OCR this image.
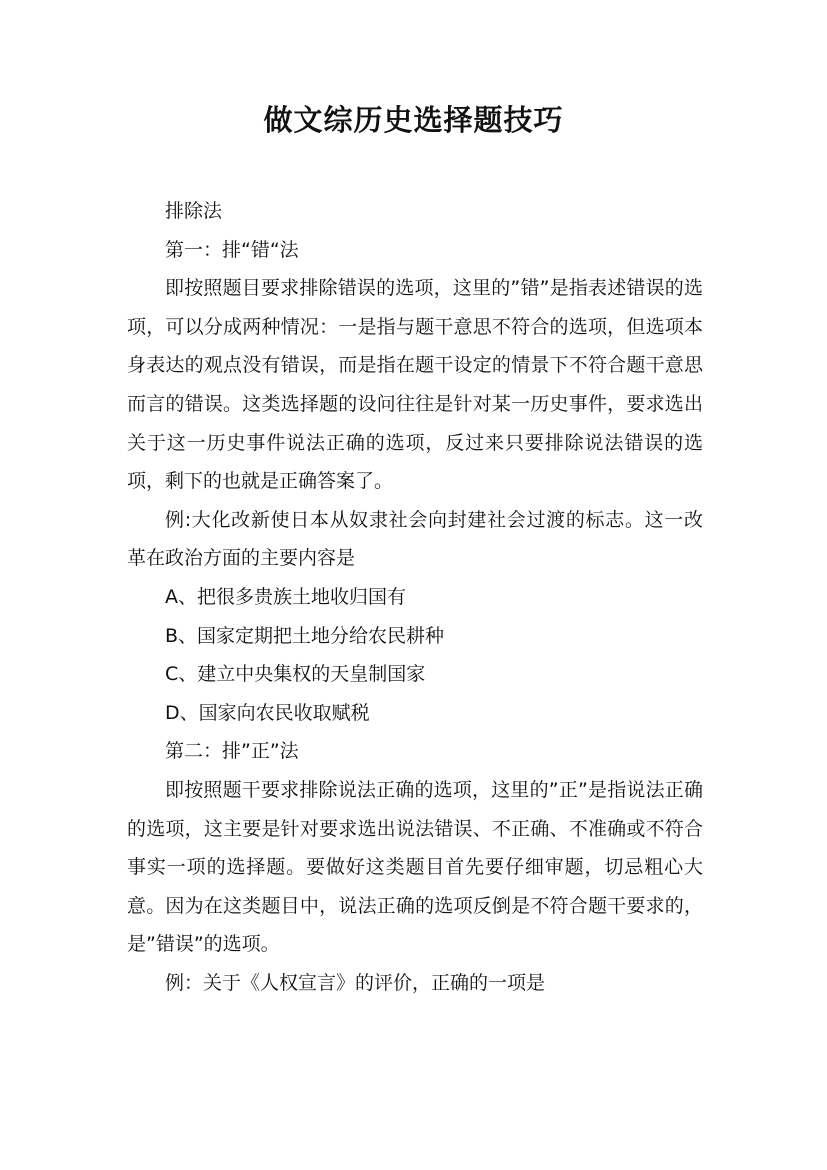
做文综历史选择题技巧

排除法

第一：排“错“法

即按照题目要求排除错误的选项，这里的”错”是指表述错误的选项，可以分成两种情况：一是指与题干意思不符合的选项，但选项本身表达的观点没有错误，而是指在题干设定的情景下不符合题干意思而言的错误。这类选择题的设问往往是针对某一历史事件，要求选出关于这一历史事件说法正确的选项，反过来只要排除说法错误的选项，剩下的也就是正确答案了。

例:大化改新使日本从奴隶社会向封建社会过渡的标志。这一改革在政治方面的主要内容是

A、把很多贵族土地收归国有

B、国家定期把土地分给农民耕种

C、建立中央集权的天皇制国家

D、国家向农民收取赋税

第二：排”正”法

即按照题干要求排除说法正确的选项，这里的”正”是指说法正确的选项，这主要是针对要求选出说法错误、不正确、不准确或不符合事实一项的选择题。要做好这类题目首先要仔细审题，切忌粗心大意。因为在这类题目中，说法正确的选项反倒是不符合题干要求的，是”错误”的选项。

例：关于《人权宣言》的评价，正确的一项是
